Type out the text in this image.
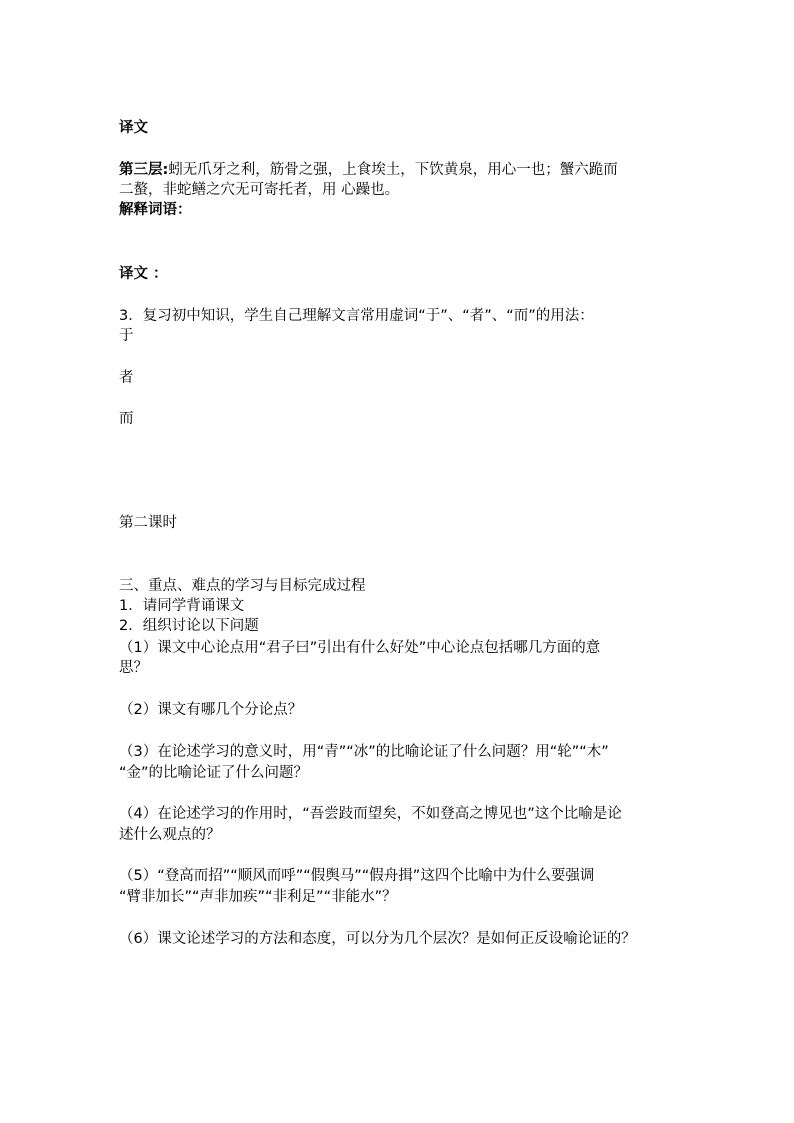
译文
第三层:蚓无爪牙之利，筋骨之强，上食埃土，下饮黄泉，用心一也；蟹六跪而
二螯，非蛇鳝之穴无可寄托者，用 心躁也。
解释词语：
译文 ：
3．复习初中知识，学生自己理解文言常用虚词“于”、“者”、“而”的用法：
于
者
而
第二课时
三、重点、难点的学习与目标完成过程
1．请同学背诵课文
2．组织讨论以下问题
（1）课文中心论点用“君子曰”引出有什么好处”中心论点包括哪几方面的意
思？
（2）课文有哪几个分论点？
（3）在论述学习的意义时，用“青”“冰”的比喻论证了什么问题？用“轮”“木”
“金”的比喻论证了什么问题？
（4）在论述学习的作用时，“吾尝跂而望矣，不如登高之博见也”这个比喻是论
述什么观点的？
（5）“登高而招”“顺风而呼”“假舆马”“假舟揖”这四个比喻中为什么要强调
“臂非加长”“声非加疾”“非利足”“非能水”？
（6）课文论述学习的方法和态度，可以分为几个层次？是如何正反设喻论证的？
